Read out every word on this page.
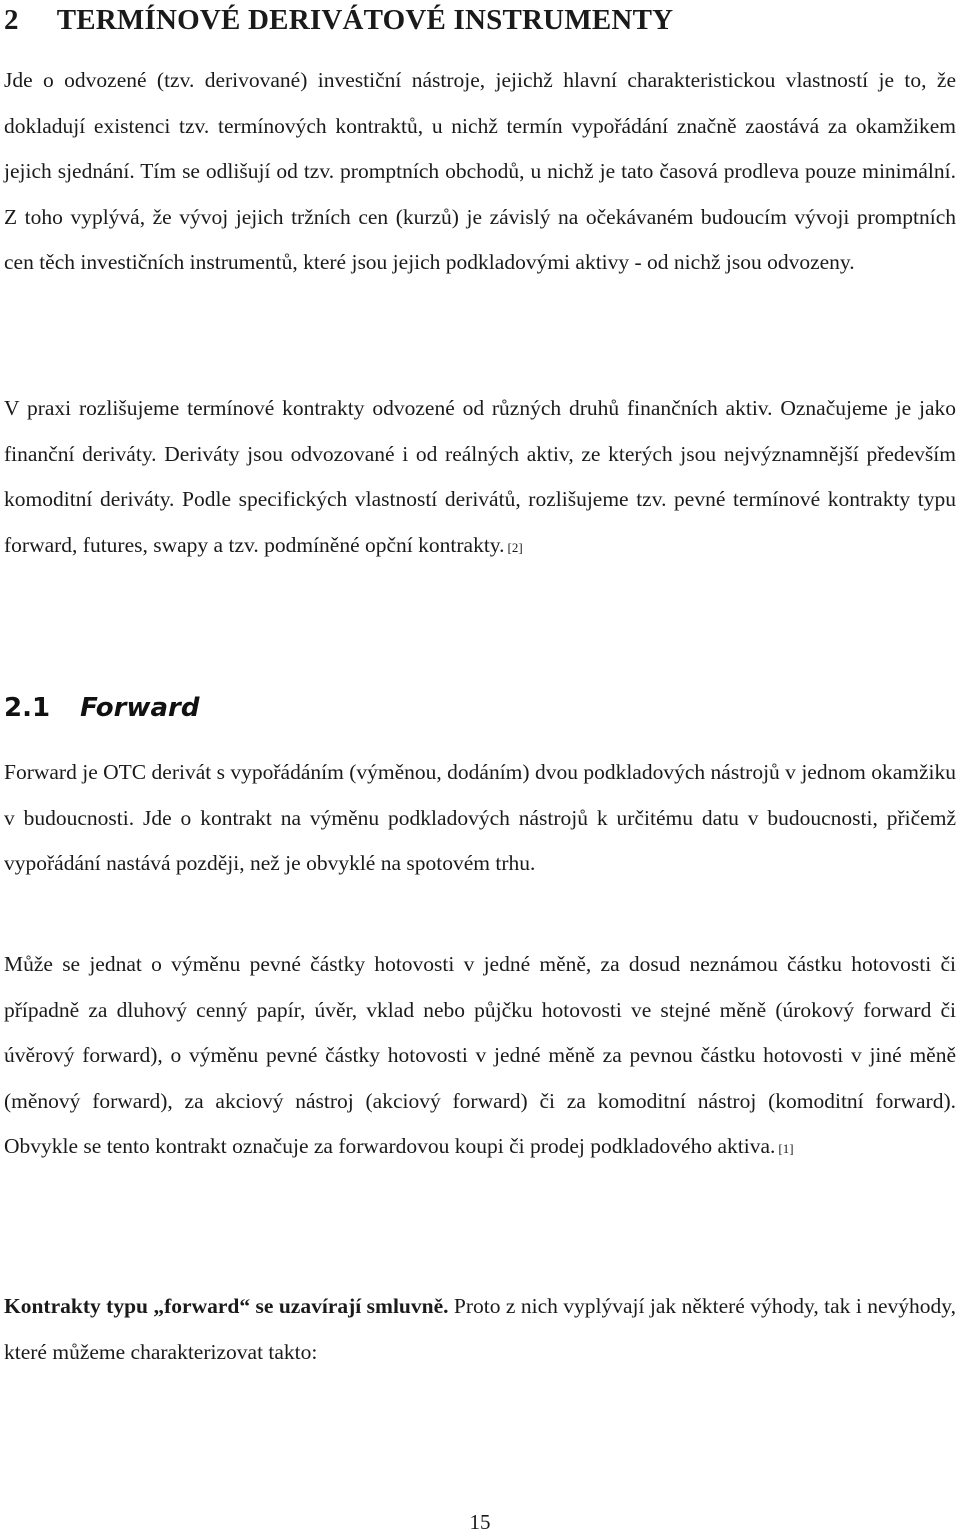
2 TERMÍNOVÉ DERIVÁTOVÉ INSTRUMENTY

Jde o odvozené (tzv. derivované) investiční nástroje, jejichž hlavní charakteristickou vlastností je to, že dokladují existenci tzv. termínových kontraktů, u nichž termín vypořádání značně zaostává za okamžikem jejich sjednání. Tím se odlišují od tzv. promptních obchodů, u nichž je tato časová prodleva pouze minimální. Z toho vyplývá, že vývoj jejich tržních cen (kurzů) je závislý na očekávaném budoucím vývoji promptních cen těch investičních instrumentů, které jsou jejich podkladovými aktivy - od nichž jsou odvozeny.

V praxi rozlišujeme termínové kontrakty odvozené od různých druhů finančních aktiv. Označujeme je jako finanční deriváty. Deriváty jsou odvozované i od reálných aktiv, ze kterých jsou nejvýznamnější především komoditní deriváty. Podle specifických vlastností derivátů, rozlišujeme tzv. pevné termínové kontrakty typu forward, futures, swapy a tzv. podmíněné opční kontrakty. [2]

2.1 Forward

Forward je OTC derivát s vypořádáním (výměnou, dodáním) dvou podkladových nástrojů v jednom okamžiku v budoucnosti. Jde o kontrakt na výměnu podkladových nástrojů k určitému datu v budoucnosti, přičemž vypořádání nastává později, než je obvyklé na spotovém trhu.

Může se jednat o výměnu pevné částky hotovosti v jedné měně, za dosud neznámou částku hotovosti či případně za dluhový cenný papír, úvěr, vklad nebo půjčku hotovosti ve stejné měně (úrokový forward či úvěrový forward), o výměnu pevné částky hotovosti v jedné měně za pevnou částku hotovosti v jiné měně (měnový forward), za akciový nástroj (akciový forward) či za komoditní nástroj (komoditní forward). Obvykle se tento kontrakt označuje za forwardovou koupi či prodej podkladového aktiva. [1]

Kontrakty typu „forward“ se uzavírají smluvně. Proto z nich vyplývají jak některé výhody, tak i nevýhody, které můžeme charakterizovat takto:

15
